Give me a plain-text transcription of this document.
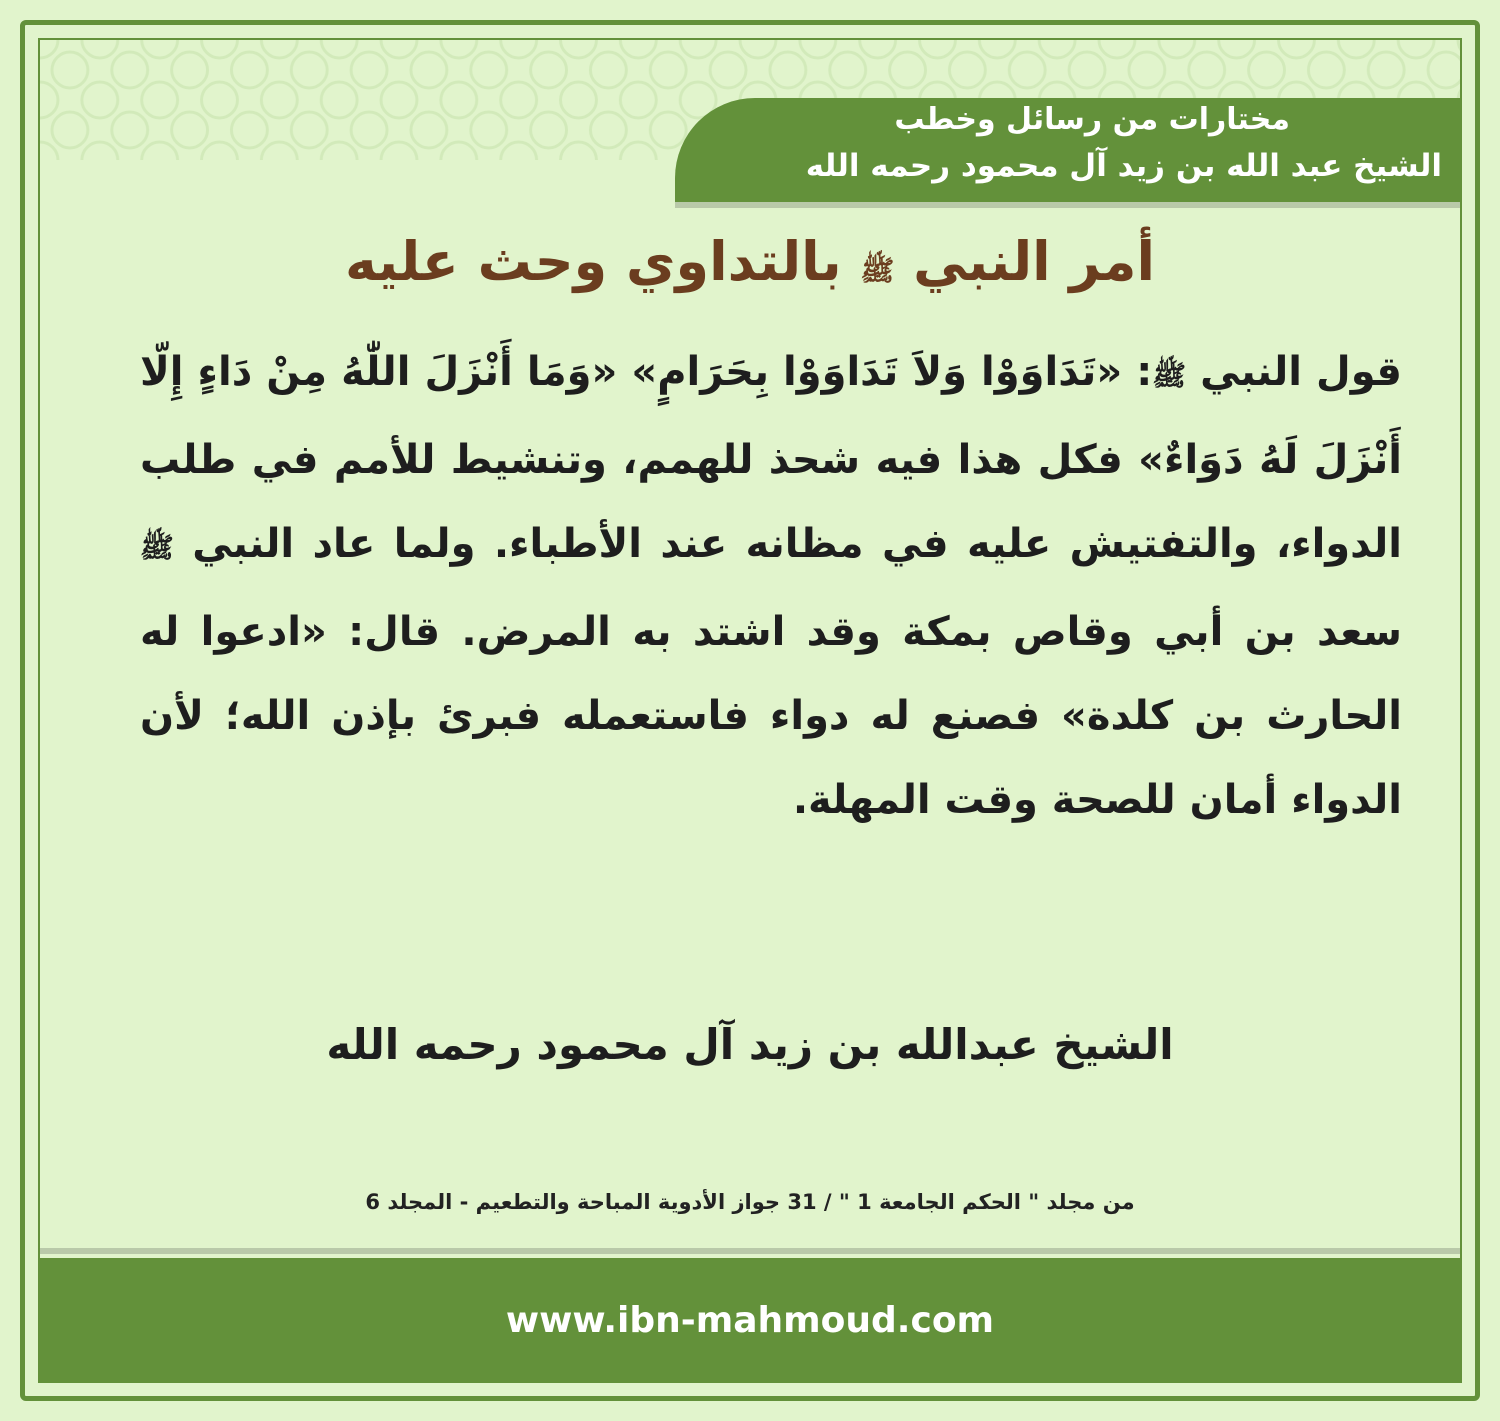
مختارات من رسائل وخطب
الشيخ عبد الله بن زيد آل محمود رحمه الله
أمر النبي ﷺ بالتداوي وحث عليه
قول النبي ﷺ: «تَدَاوَوْا وَلاَ تَدَاوَوْا بِحَرَامٍ» «وَمَا أَنْزَلَ اللّٰهُ مِنْ دَاءٍ إِلّا أَنْزَلَ لَهُ دَوَاءٌ» فكل هذا فيه شحذ للهمم، وتنشيط للأمم في طلب الدواء، والتفتيش عليه في مظانه عند الأطباء. ولما عاد النبي ﷺ سعد بن أبي وقاص بمكة وقد اشتد به المرض. قال: «ادعوا له الحارث بن كلدة» فصنع له دواء فاستعمله فبرئ بإذن الله؛ لأن الدواء أمان للصحة وقت المهلة.
الشيخ عبدالله بن زيد آل محمود رحمه الله
من مجلد " الحكم الجامعة 1 " / 31 جواز الأدوية المباحة والتطعيم - المجلد 6
www.ibn-mahmoud.com
